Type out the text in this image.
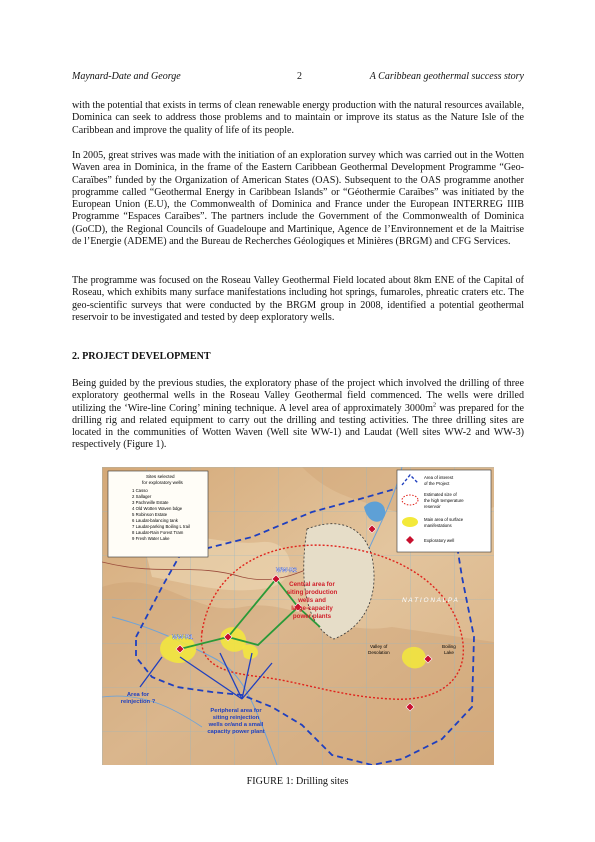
Maynard-Date and George	2	A Caribbean geothermal success story

with the potential that exists in terms of clean renewable energy production with the natural resources available, Dominica can seek to address those problems and to maintain or improve its status as the Nature Isle of the Caribbean and improve the quality of life of its people.

In 2005, great strives was made with the initiation of an exploration survey which was carried out in the Wotten Waven area in Dominica, in the frame of the Eastern Caribbean Geothermal Development Programme “Geo-Caraïbes” funded by the Organization of American States (OAS). Subsequent to the OAS programme another programme called “Geothermal Energy in Caribbean Islands” or “Géothermie Caraïbes” was initiated by the European Union (E.U), the Commonwealth of Dominica and France under the European INTERREG IIIB Programme “Espaces Caraïbes”. The partners include the Government of the Commonwealth of Dominica (GoCD), the Regional Councils of Guadeloupe and Martinique, Agence de l’Environnement et de la Maitrise de l’Energie (ADEME) and the Bureau de Recherches Géologiques et Minières (BRGM) and CFG Services.

The programme was focused on the Roseau Valley Geothermal Field located about 8km ENE of the Capital of Roseau, which exhibits many surface manifestations including hot springs, fumaroles, phreatic craters etc. The geo-scientific surveys that were conducted by the BRGM group in 2008, identified a potential geothermal reservoir to be investigated and tested by deep exploratory wells.

2. PROJECT DEVELOPMENT

Being guided by the previous studies, the exploratory phase of the project which involved the drilling of three exploratory geothermal wells in the Roseau Valley Geothermal field commenced. The wells were drilled utilizing the ‘Wire-line Coring’ mining technique. A level area of approximately $3000m^2$ was prepared for the drilling rig and related equipment to carry out the drilling and testing activities. The three drilling sites are located in the communities of Wotten Waven (Well site WW-1) and Laudat (Well sites WW-2 and WW-3) respectively (Figure 1).

Sites selected
for exploratory wells
1 Casso
2 Sallager
3 Pachrwille Estate
4 Old Wotten Waven bdge
5 Robinson Estate
6 Laudat-balancing tank
7 Laudat-parking Boiling L trail
8 Laudat-Rain Forest Tram
9 Fresh Water Lake
Area of interest
of the Project
Estimated size of
the high temperature
reservoir
Main area of surface
manifestations
Exploratory well
WW-R2
WW-R1
Central area for
siting production
wells and
large-capacity
power plants
N A T I O N A L P A
Valley of
Desolation
Boiling
Lake
Area for
reinjection ?
Peripheral area for
siting reinjection
wells or/and a small
capacity power plant
FIGURE 1: Drilling sites
